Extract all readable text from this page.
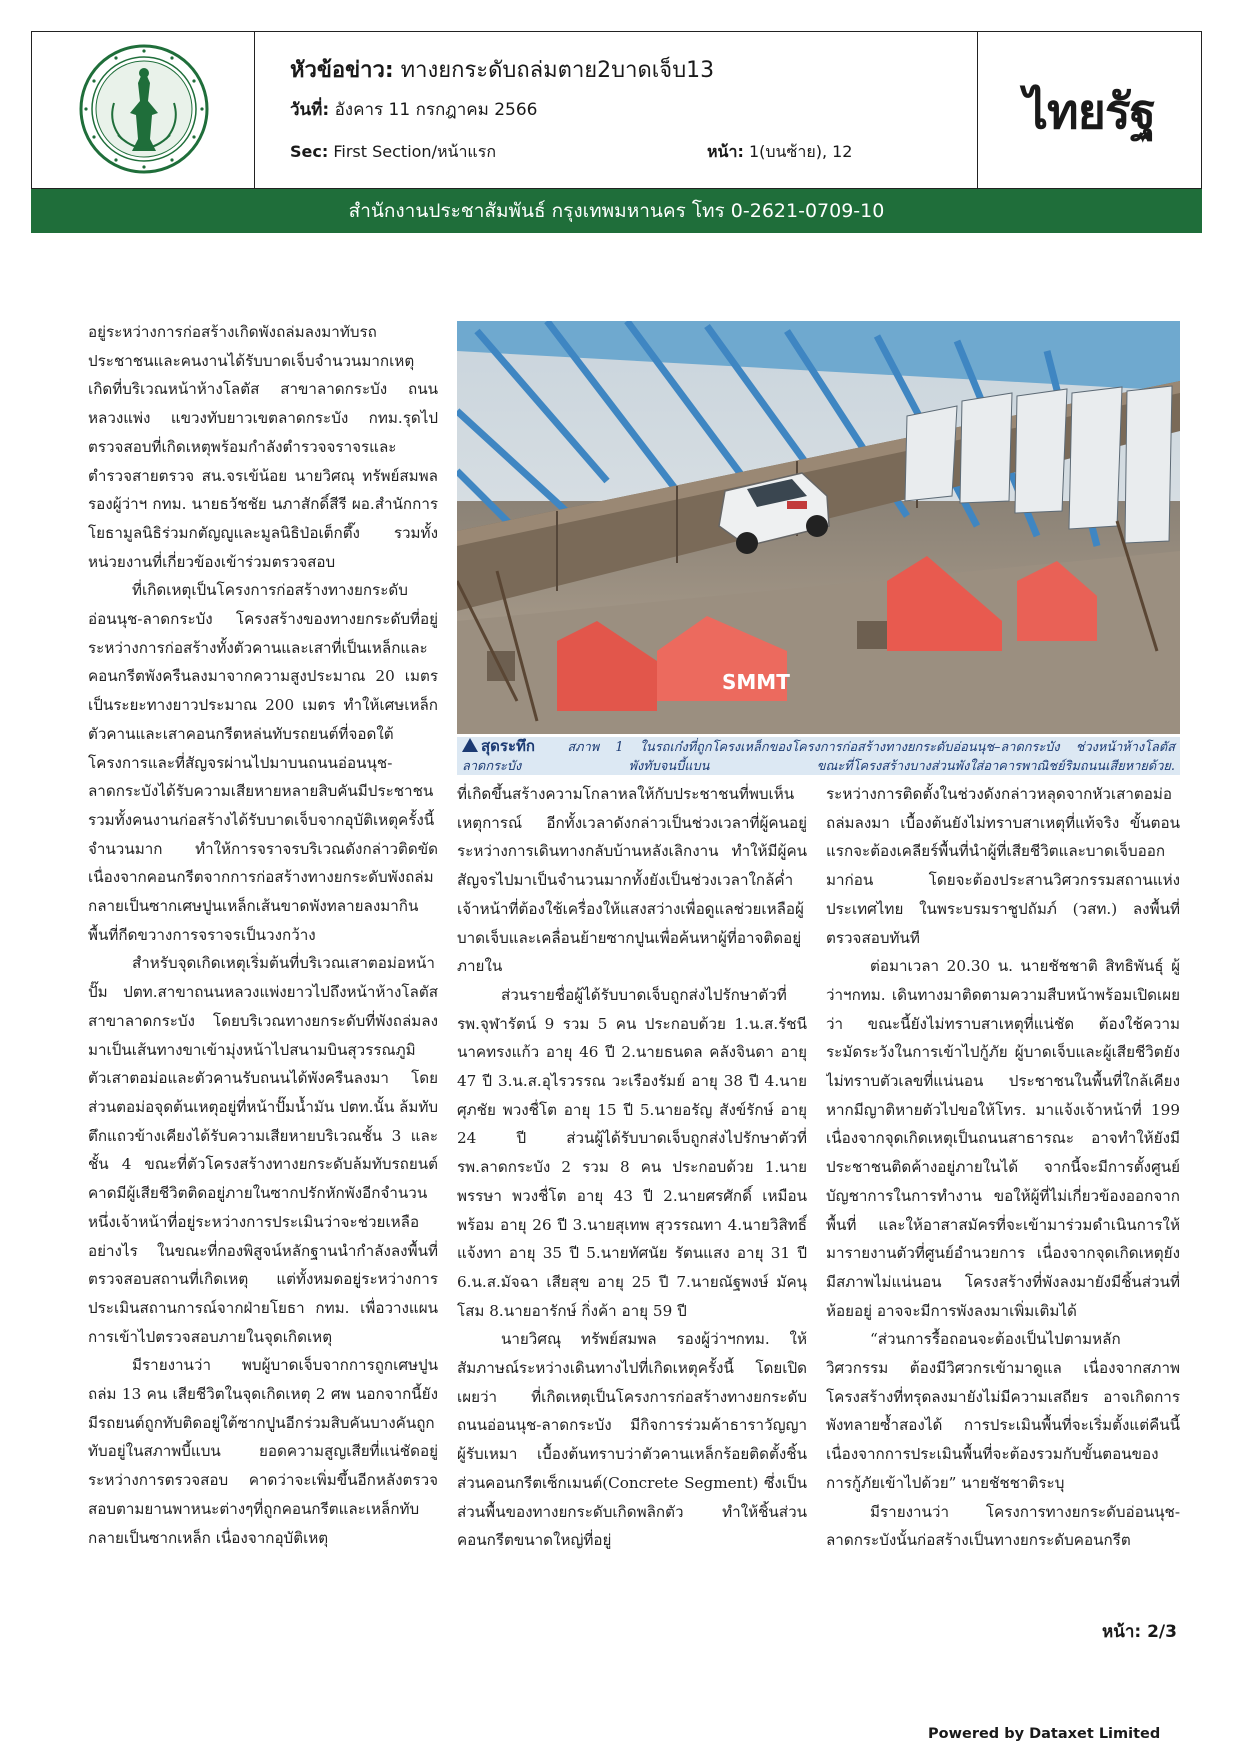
หัวข้อข่าว: ทางยกระดับถล่มตาย2บาดเจ็บ13
วันที่: อังคาร 11 กรกฎาคม 2566
Sec: First Section/หน้าแรก	หน้า: 1(บนซ้าย), 12
ไทยรัฐ
สำนักงานประชาสัมพันธ์ กรุงเทพมหานคร โทร 0-2621-0709-10

อยู่ระหว่างการก่อสร้างเกิดพังถล่มลงมาทับรถประชาชนและคนงานได้รับบาดเจ็บจำนวนมากเหตุเกิดที่บริเวณหน้าห้างโลตัส สาขาลาดกระบัง ถนนหลวงแพ่ง แขวงทับยาวเขตลาดกระบัง กทม.รุดไปตรวจสอบที่เกิดเหตุพร้อมกำลังตำรวจจราจรและตำรวจสายตรวจ สน.จรเข้น้อย นายวิศณุ ทรัพย์สมพล รองผู้ว่าฯ กทม. นายธวัชชัย นภาสักดิ์สีรี ผอ.สำนักการโยธามูลนิธิร่วมกตัญญูและมูลนิธิป่อเต็กตึ๊ง รวมทั้งหน่วยงานที่เกี่ยวข้องเข้าร่วมตรวจสอบ

ที่เกิดเหตุเป็นโครงการก่อสร้างทางยกระดับอ่อนนุช-ลาดกระบัง โครงสร้างของทางยกระดับที่อยู่ระหว่างการก่อสร้างทั้งตัวคานและเสาที่เป็นเหล็กและคอนกรีตพังครืนลงมาจากความสูงประมาณ 20 เมตร เป็นระยะทางยาวประมาณ 200 เมตร ทำให้เศษเหล็กตัวคานและเสาคอนกรีตหล่นทับรถยนต์ที่จอดใต้โครงการและที่สัญจรผ่านไปมาบนถนนอ่อนนุช-ลาดกระบังได้รับความเสียหายหลายสิบคันมีประชาชนรวมทั้งคนงานก่อสร้างได้รับบาดเจ็บจากอุบัติเหตุครั้งนี้จำนวนมาก ทำให้การจราจรบริเวณดังกล่าวติดขัด เนื่องจากคอนกรีตจากการก่อสร้างทางยกระดับพังถล่มกลายเป็นซากเศษปูนเหล็กเส้นขาดพังทลายลงมากินพื้นที่กีดขวางการจราจรเป็นวงกว้าง

สำหรับจุดเกิดเหตุเริ่มต้นที่บริเวณเสาตอม่อหน้าปั๊ม ปตท.สาขาถนนหลวงแพ่งยาวไปถึงหน้าห้างโลตัสสาขาลาดกระบัง โดยบริเวณทางยกระดับที่พังถล่มลงมาเป็นเส้นทางขาเข้ามุ่งหน้าไปสนามบินสุวรรณภูมิ ตัวเสาตอม่อและตัวคานรับถนนได้พังครืนลงมา โดยส่วนตอม่อจุดต้นเหตุอยู่ที่หน้าปั๊มน้ำมัน ปตท.นั้น ล้มทับตึกแถวข้างเคียงได้รับความเสียหายบริเวณชั้น 3 และชั้น 4 ขณะที่ตัวโครงสร้างทางยกระดับล้มทับรถยนต์ คาดมีผู้เสียชีวิตติดอยู่ภายในซากปรักหักพังอีกจำนวนหนึ่งเจ้าหน้าที่อยู่ระหว่างการประเมินว่าจะช่วยเหลืออย่างไร ในขณะที่กองพิสูจน์หลักฐานนำกำลังลงพื้นที่ตรวจสอบสถานที่เกิดเหตุ แต่ทั้งหมดอยู่ระหว่างการประเมินสถานการณ์จากฝ่ายโยธา กทม. เพื่อวางแผนการเข้าไปตรวจสอบภายในจุดเกิดเหตุ

มีรายงานว่า พบผู้บาดเจ็บจากการถูกเศษปูนถล่ม 13 คน เสียชีวิตในจุดเกิดเหตุ 2 ศพ นอกจากนี้ยังมีรถยนต์ถูกทับติดอยู่ใต้ซากปูนอีกร่วมสิบคันบางคันถูกทับอยู่ในสภาพบี้แบน ยอดความสูญเสียที่แน่ชัดอยู่ระหว่างการตรวจสอบ คาดว่าจะเพิ่มขึ้นอีกหลังตรวจสอบตามยานพาหนะต่างๆที่ถูกคอนกรีตและเหล็กทับกลายเป็นซากเหล็ก เนื่องจากอุบัติเหตุ

SMMT
สุดระทึก	สภาพ 1 ในรถเก๋งที่ถูกโครงเหล็กของโครงการก่อสร้างทางยกระดับอ่อนนุช–ลาดกระบัง ช่วงหน้าห้างโลตัส ลาดกระบัง พังทับจนบี้แบน ขณะที่โครงสร้างบางส่วนพังใส่อาคารพาณิชย์ริมถนนเสียหายด้วย.

ที่เกิดขึ้นสร้างความโกลาหลให้กับประชาชนที่พบเห็นเหตุการณ์ อีกทั้งเวลาดังกล่าวเป็นช่วงเวลาที่ผู้คนอยู่ระหว่างการเดินทางกลับบ้านหลังเลิกงาน ทำให้มีผู้คนสัญจรไปมาเป็นจำนวนมากทั้งยังเป็นช่วงเวลาใกล้ค่ำ เจ้าหน้าที่ต้องใช้เครื่องให้แสงสว่างเพื่อดูแลช่วยเหลือผู้บาดเจ็บและเคลื่อนย้ายซากปูนเพื่อค้นหาผู้ที่อาจติดอยู่ภายใน

ส่วนรายชื่อผู้ได้รับบาดเจ็บถูกส่งไปรักษาตัวที่ รพ.จุฬารัตน์ 9 รวม 5 คน ประกอบด้วย 1.น.ส.รัชนี นาคทรงแก้ว อายุ 46 ปี 2.นายธนดล คลังจินดา อายุ 47 ปี 3.น.ส.อุไรวรรณ วะเรืองรัมย์ อายุ 38 ปี 4.นายศุภชัย พวงชื่โต อายุ 15 ปี 5.นายอรัญ สังข์รักษ์ อายุ 24 ปี ส่วนผู้ได้รับบาดเจ็บถูกส่งไปรักษาตัวที่ รพ.ลาดกระบัง 2 รวม 8 คน ประกอบด้วย 1.นายพรรษา พวงชื่โต อายุ 43 ปี 2.นายศรศักดิ์ เหมือนพร้อม อายุ 26 ปี 3.นายสุเทพ สุวรรณทา 4.นายวิสิทธิ์ แจ้งทา อายุ 35 ปี 5.นายทัศนัย รัตนแสง อายุ 31 ปี 6.น.ส.มัจฉา เสียสุข อายุ 25 ปี 7.นายณัฐพงษ์ มัคนุโสม 8.นายอารักษ์ กิ่งค้า อายุ 59 ปี

นายวิศณุ ทรัพย์สมพล รองผู้ว่าฯกทม. ให้สัมภาษณ์ระหว่างเดินทางไปที่เกิดเหตุครั้งนี้ โดยเปิดเผยว่า ที่เกิดเหตุเป็นโครงการก่อสร้างทางยกระดับถนนอ่อนนุช-ลาดกระบัง มีกิจการร่วมค้าธาราวัญญา ผู้รับเหมา เบื้องต้นทราบว่าตัวคานเหล็กร้อยติดตั้งชิ้นส่วนคอนกรีตเซ็กเมนต์(Concrete Segment) ซึ่งเป็นส่วนพื้นของทางยกระดับเกิดพลิกตัว ทำให้ชิ้นส่วนคอนกรีตขนาดใหญ่ที่อยู่

ระหว่างการติดตั้งในช่วงดังกล่าวหลุดจากหัวเสาตอม่อถล่มลงมา เบื้องต้นยังไม่ทราบสาเหตุที่แท้จริง ขั้นตอนแรกจะต้องเคลียร์พื้นที่นำผู้ที่เสียชีวิตและบาดเจ็บออกมาก่อน โดยจะต้องประสานวิศวกรรมสถานแห่งประเทศไทย ในพระบรมราชูปถัมภ์ (วสท.) ลงพื้นที่ตรวจสอบทันที

ต่อมาเวลา 20.30 น. นายชัชชาติ สิทธิพันธุ์ ผู้ว่าฯกทม. เดินทางมาติดตามความสืบหน้าพร้อมเปิดเผยว่า ขณะนี้ยังไม่ทราบสาเหตุที่แน่ชัด ต้องใช้ความระมัดระวังในการเข้าไปกู้ภัย ผู้บาดเจ็บและผู้เสียชีวิตยังไม่ทราบตัวเลขที่แน่นอน ประชาชนในพื้นที่ใกล้เคียงหากมีญาติหายตัวไปขอให้โทร. มาแจ้งเจ้าหน้าที่ 199 เนื่องจากจุดเกิดเหตุเป็นถนนสาธารณะ อาจทำให้ยังมีประชาชนติดค้างอยู่ภายในได้ จากนี้จะมีการตั้งศูนย์บัญชาการในการทำงาน ขอให้ผู้ที่ไม่เกี่ยวข้องออกจากพื้นที่ และให้อาสาสมัครที่จะเข้ามาร่วมดำเนินการให้มารายงานตัวที่ศูนย์อำนวยการ เนื่องจากจุดเกิดเหตุยังมีสภาพไม่แน่นอน โครงสร้างที่พังลงมายังมีชิ้นส่วนที่ห้อยอยู่ อาจจะมีการพังลงมาเพิ่มเติมได้

“ส่วนการรื้อถอนจะต้องเป็นไปตามหลักวิศวกรรม ต้องมีวิศวกรเข้ามาดูแล เนื่องจากสภาพโครงสร้างที่ทรุดลงมายังไม่มีความเสถียร อาจเกิดการพังทลายซ้ำสองได้ การประเมินพื้นที่จะเริ่มตั้งแต่คืนนี้ เนื่องจากการประเมินพื้นที่จะต้องรวมกับขั้นตอนของการกู้ภัยเข้าไปด้วย” นายชัชชาติระบุ

มีรายงานว่า โครงการทางยกระดับอ่อนนุช-ลาดกระบังนั้นก่อสร้างเป็นทางยกระดับคอนกรีต

หน้า: 2/3
Powered by Dataxet Limited
